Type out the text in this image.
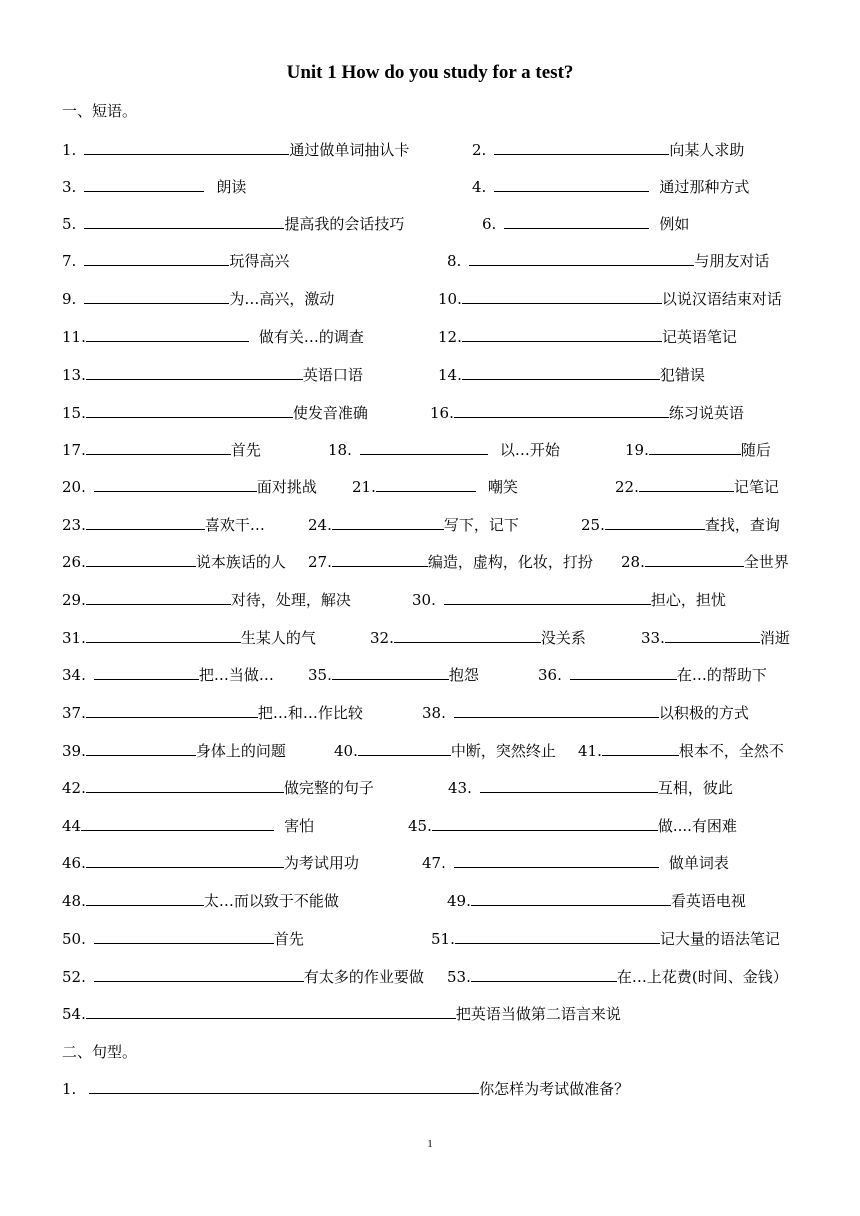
Unit 1 How do you study for a test?
一、短语。
1.	通过做单词抽认卡	2.	向某人求助
3.	朗读	4.	通过那种方式
5.	提高我的会话技巧	6.	例如
7.	玩得高兴	8.	与朋友对话
9.	为…高兴，激动	10.	以说汉语结束对话
11.	做有关…的调查	12.	记英语笔记
13.	英语口语	14.	犯错误
15.	使发音准确	16.	练习说英语
17.	首先	18.	以…开始	19.	随后
20.	面对挑战 21.	嘲笑	22.	记笔记
23.	喜欢干…	24.	写下，记下	25.	查找，查询
26.	说本族话的人 27.	编造，虚构，化妆，打扮 28.	全世界
29.	对待，处理，解决	30.	担心，担忧
31.	生某人的气	32.	没关系	33.	消逝
34.	把…当做… 35.	抱怨	36.	在…的帮助下
37.	把…和…作比较	38.	以积极的方式
39.	身体上的问题	40.	中断，突然终止 41.	根本不，全然不
42.	做完整的句子	43.	互相，彼此
44	害怕	45.	做....有困难
46.	为考试用功	47.	做单词表
48.	太…而以致于不能做	49.	看英语电视
50.	首先	51.	记大量的语法笔记
52.	有太多的作业要做 53.	在…上花费(时间、金钱）
54.	把英语当做第二语言来说
二、句型。
1.	你怎样为考试做准备？
1
